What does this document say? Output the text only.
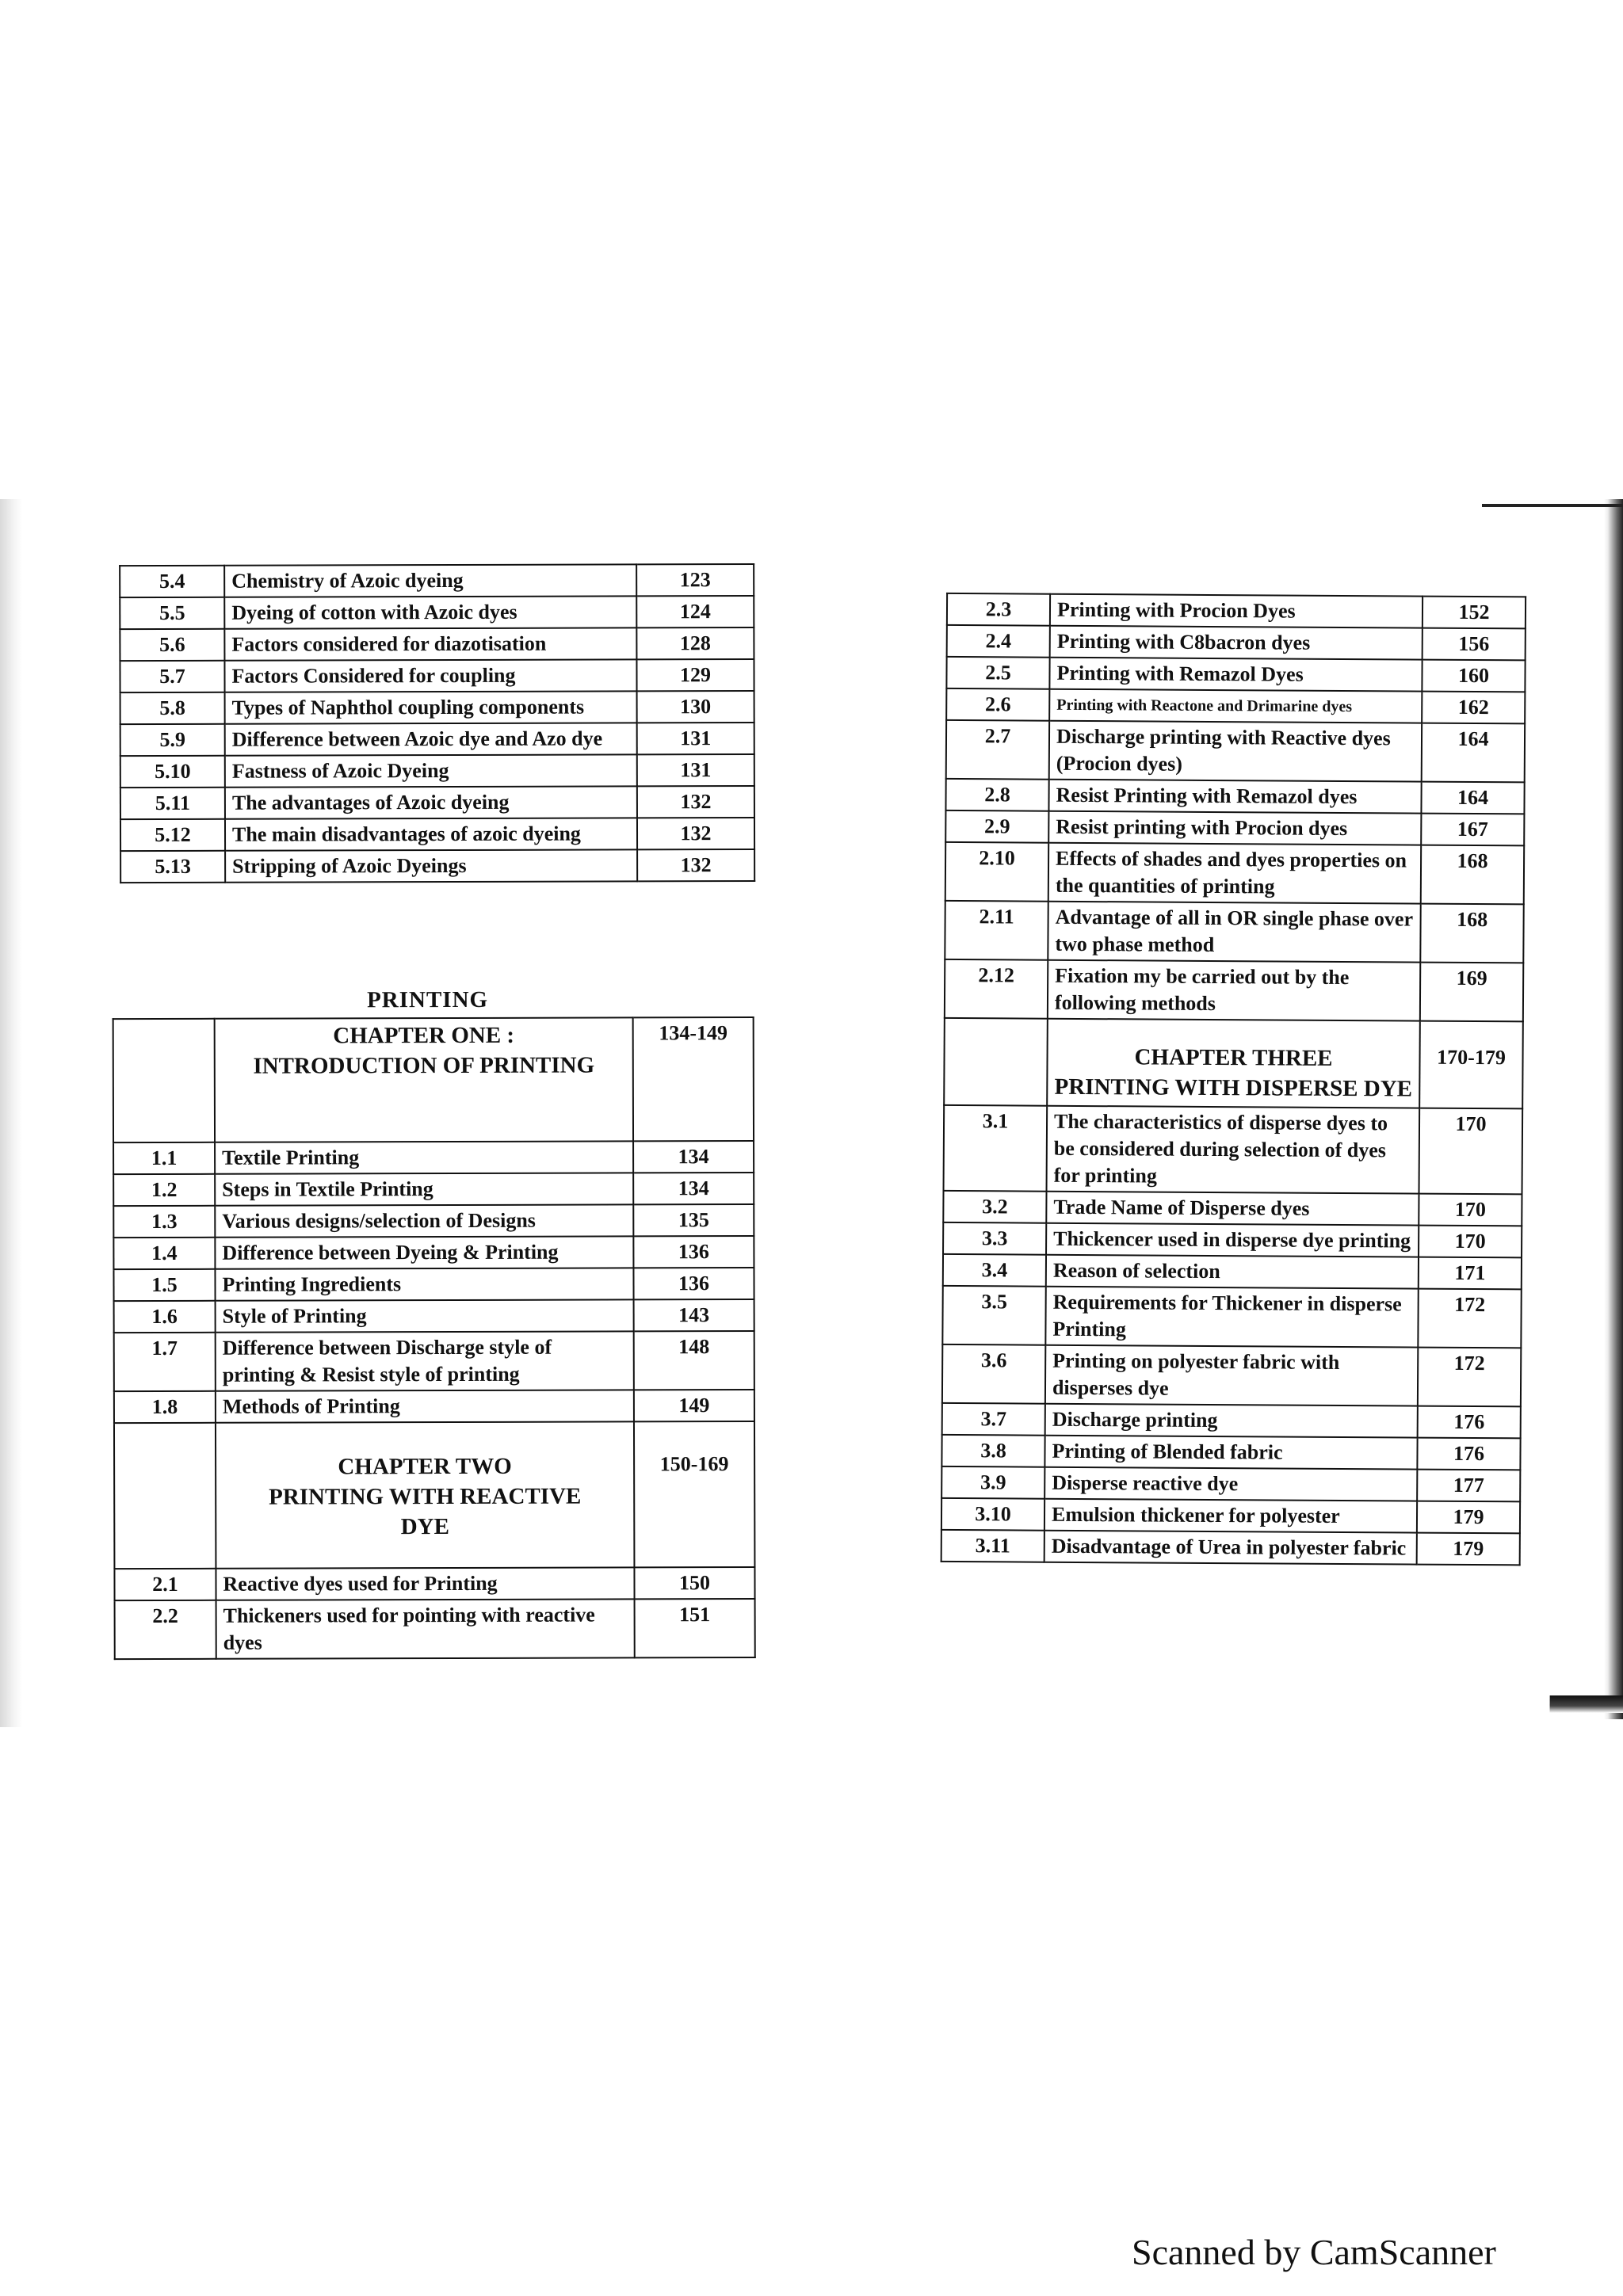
5.4	Chemistry of Azoic dyeing	123
5.5	Dyeing of cotton with Azoic dyes	124
5.6	Factors considered for diazotisation	128
5.7	Factors Considered for coupling	129
5.8	Types of Naphthol coupling components	130
5.9	Difference between Azoic dye and Azo dye	131
5.10	Fastness of Azoic Dyeing	131
5.11	The advantages of Azoic dyeing	132
5.12	The main disadvantages of azoic dyeing	132
5.13	Stripping of Azoic Dyeings	132
PRINTING

	CHAPTER ONE :
INTRODUCTION OF PRINTING	134-149
1.1	Textile Printing	134
1.2	Steps in Textile Printing	134
1.3	Various designs/selection of Designs	135
1.4	Difference between Dyeing & Printing	136
1.5	Printing Ingredients	136
1.6	Style of Printing	143
1.7	Difference between Discharge style of printing & Resist style of printing	148
1.8	Methods of Printing	149

	CHAPTER TWO
PRINTING WITH REACTIVE DYE	150-169
2.1	Reactive dyes used for Printing	150
2.2	Thickeners used for pointing with reactive dyes	151
2.3	Printing with Procion Dyes	152
2.4	Printing with C8bacron dyes	156
2.5	Printing with Remazol Dyes	160
2.6	Printing with Reactone and Drimarine dyes	162
2.7	Discharge printing with Reactive dyes (Procion dyes)	164
2.8	Resist Printing with Remazol dyes	164
2.9	Resist printing with Procion dyes	167
2.10	Effects of shades and dyes properties on the quantities of printing	168
2.11	Advantage of all in OR single phase over two phase method	168
2.12	Fixation my be carried out by the following methods	169

	CHAPTER THREE
PRINTING WITH DISPERSE DYE	170-179
3.1	The characteristics of disperse dyes to be considered during selection of dyes for printing	170
3.2	Trade Name of Disperse dyes	170
3.3	Thickencer used in disperse dye printing	170
3.4	Reason of selection	171
3.5	Requirements for Thickener in disperse Printing	172
3.6	Printing on polyester fabric with disperses dye	172
3.7	Discharge printing	176
3.8	Printing of Blended fabric	176
3.9	Disperse reactive dye	177
3.10	Emulsion thickener for polyester	179
3.11	Disadvantage of Urea in polyester fabric	179
Scanned by CamScanner
